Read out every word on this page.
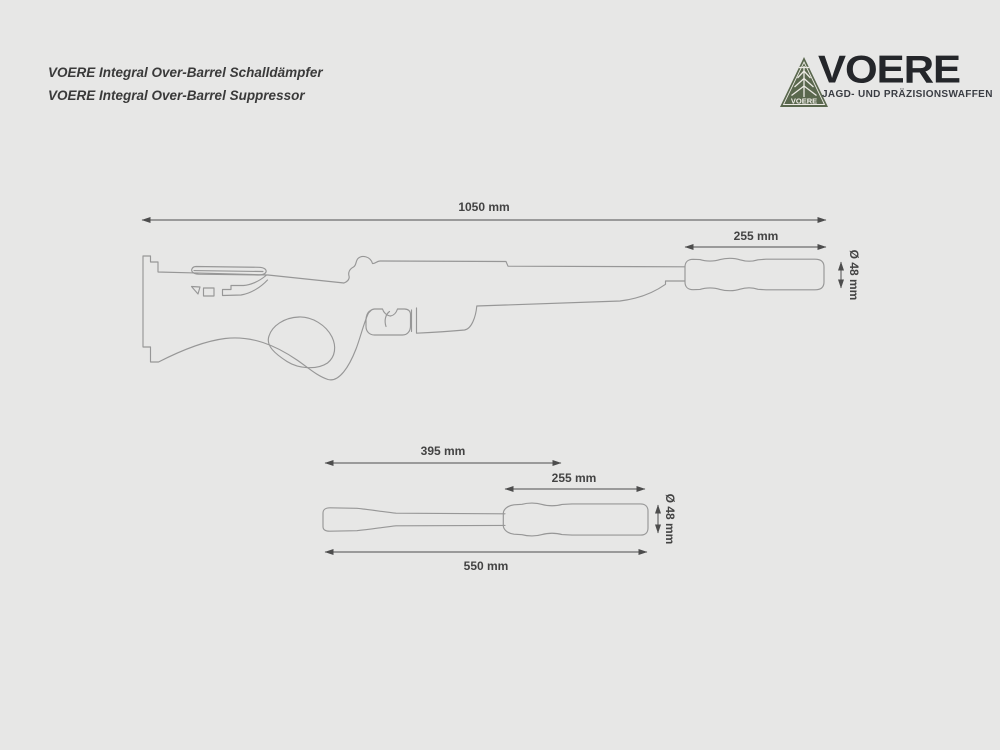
VOERE Integral Over-Barrel Schalldämpfer
VOERE Integral Over-Barrel Suppressor	VOERE
VOERE
JAGD- UND PRÄZISIONSWAFFEN
1050 mm
255 mm
Ø 48 mm
395 mm
255 mm
Ø 48 mm
550 mm
